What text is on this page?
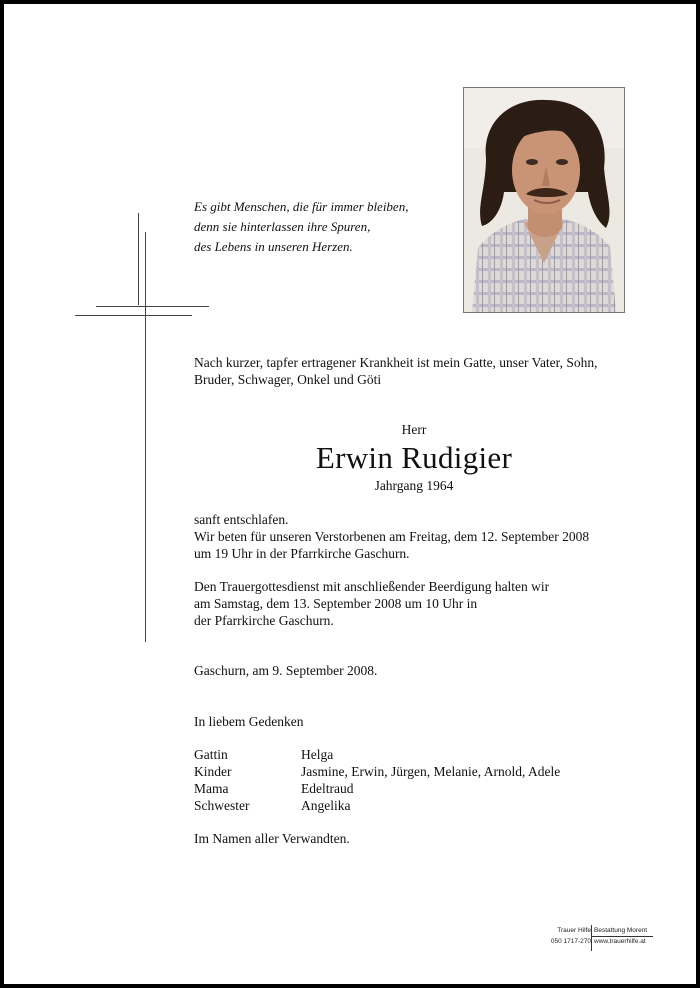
Es gibt Menschen, die für immer bleiben,
denn sie hinterlassen ihre Spuren,
des Lebens in unseren Herzen.
Nach kurzer, tapfer ertragener Krankheit ist mein Gatte, unser Vater, Sohn,
Bruder, Schwager, Onkel und Göti
Herr
Erwin Rudigier
Jahrgang 1964
sanft entschlafen.
Wir beten für unseren Verstorbenen am Freitag, dem 12. September 2008
um 19 Uhr in der Pfarrkirche Gaschurn.
Den Trauergottesdienst mit anschließender Beerdigung halten wir
am Samstag, dem 13. September 2008 um 10 Uhr in
der Pfarrkirche Gaschurn.
Gaschurn, am 9. September 2008.
In liebem Gedenken
Gattin	Helga
Kinder	Jasmine, Erwin, Jürgen, Melanie, Arnold, Adele
Mama	Edeltraud
Schwester	Angelika
Im Namen aller Verwandten.
Trauer Hilfe
050 1717-270
Bestattung Morent
www.trauerhilfe.at
